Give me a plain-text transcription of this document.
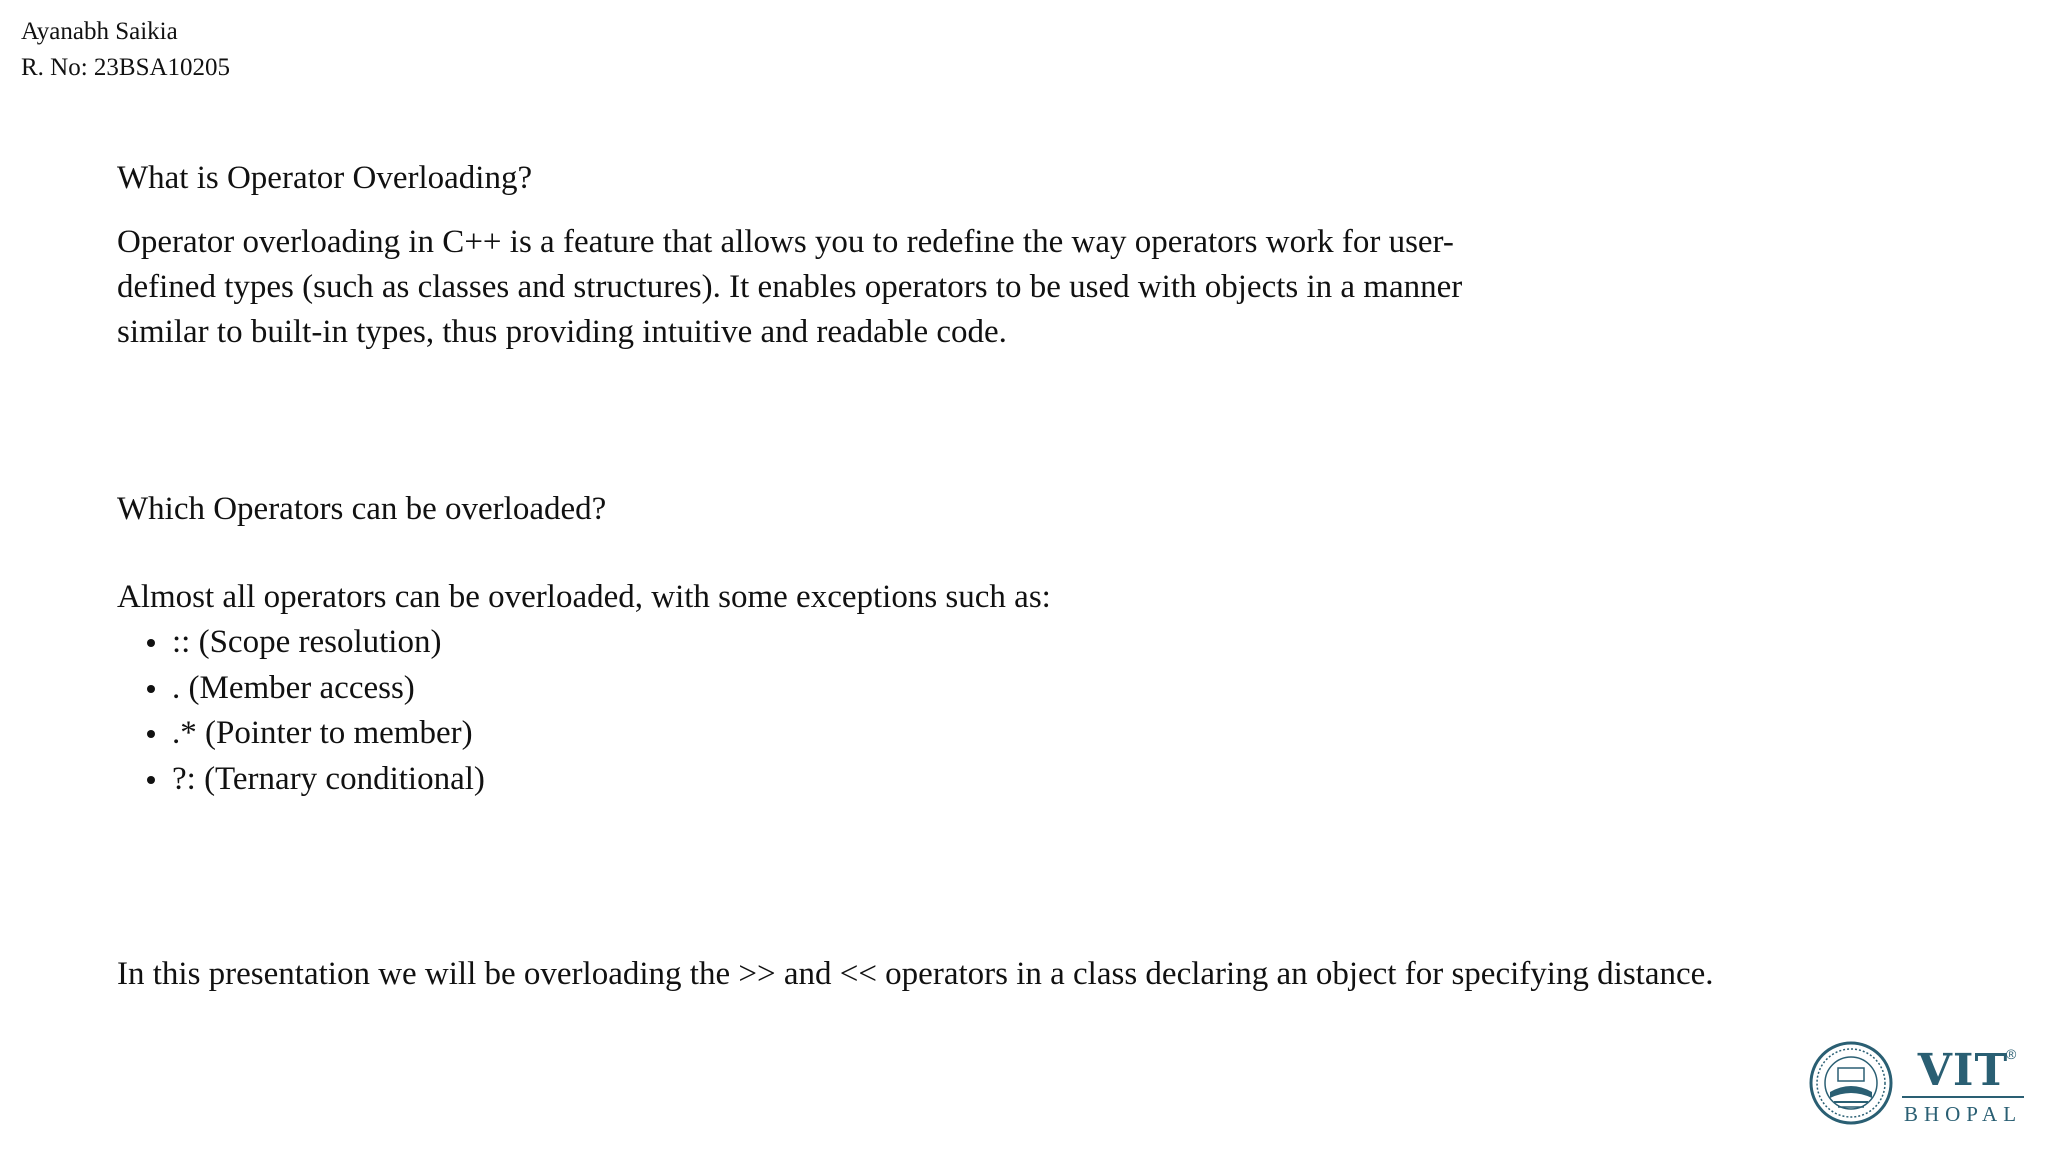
Ayanabh Saikia
R. No: 23BSA10205
What is Operator Overloading?
Operator overloading in C++ is a feature that allows you to redefine the way operators work for user-
defined types (such as classes and structures). It enables operators to be used with objects in a manner
similar to built-in types, thus providing intuitive and readable code.
Which Operators can be overloaded?
Almost all operators can be overloaded, with some exceptions such as:
:: (Scope resolution)
. (Member access)
.* (Pointer to member)
?: (Ternary conditional)
In this presentation we will be overloading the >> and << operators in a class declaring an object for specifying distance.
VIT
®
BHOPAL
